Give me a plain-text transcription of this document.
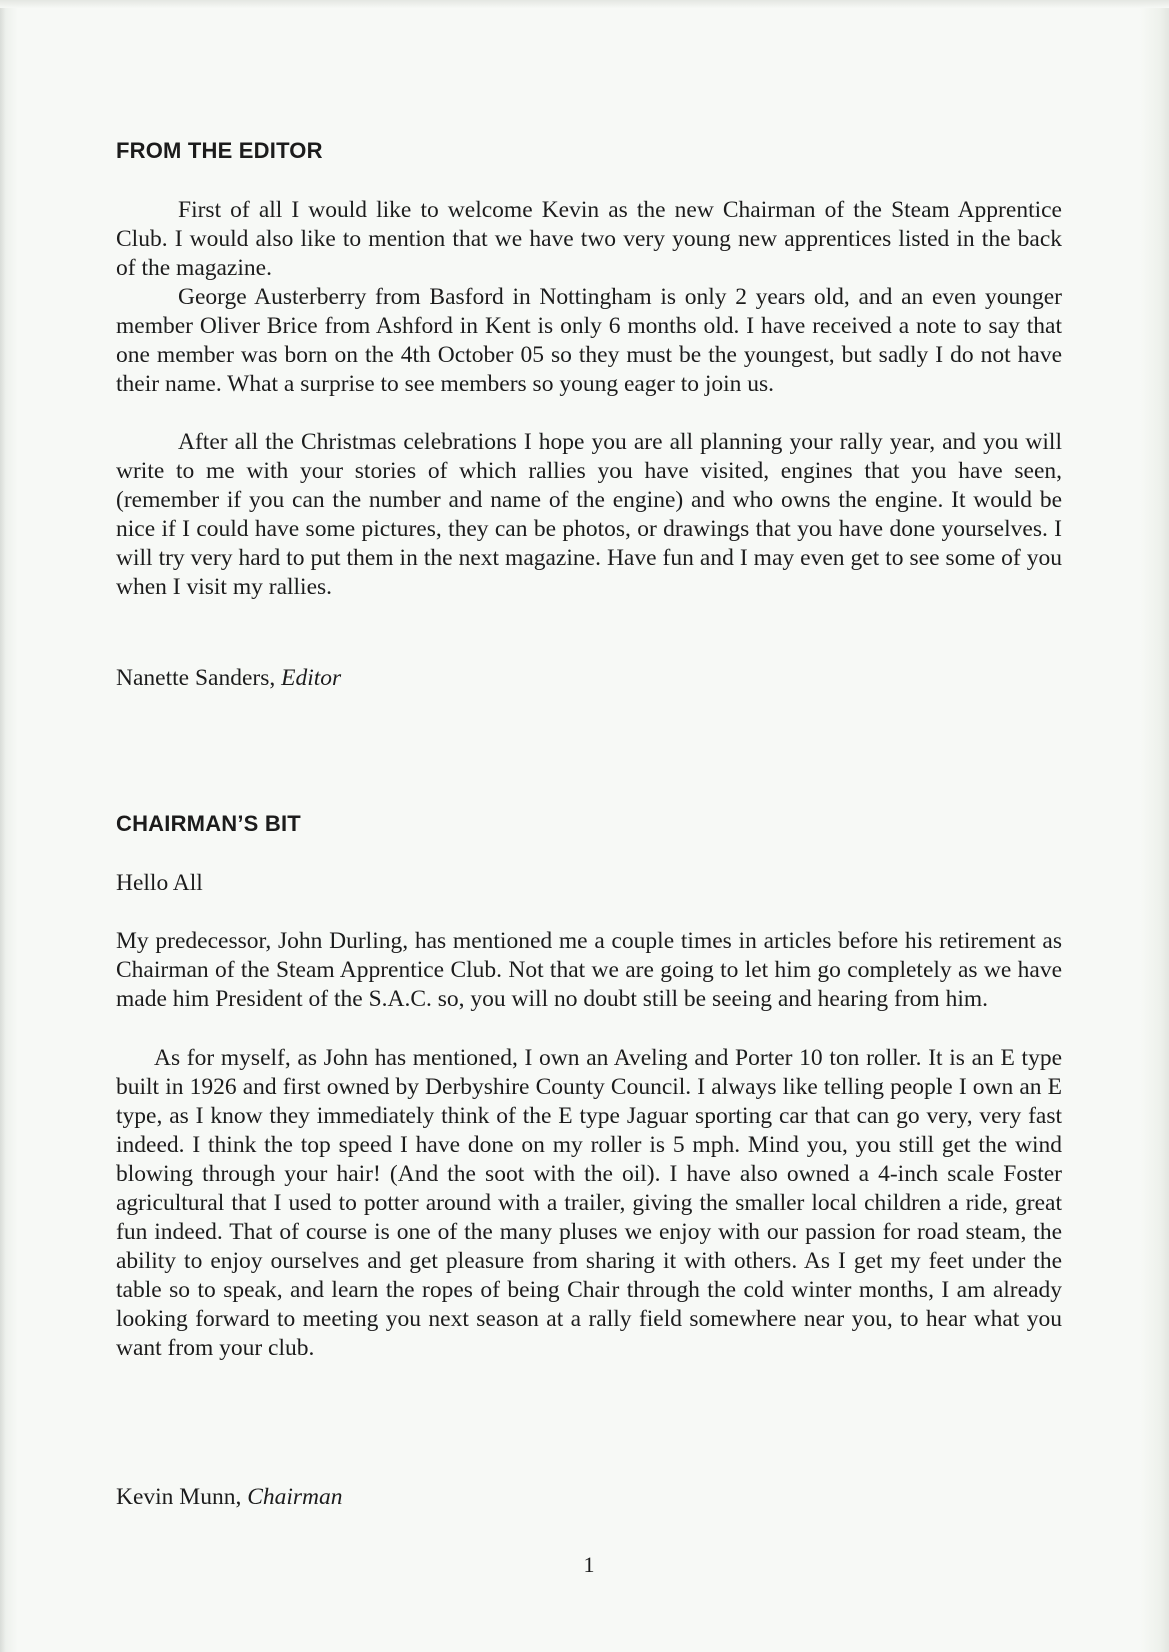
FROM THE EDITOR

First of all I would like to welcome Kevin as the new Chairman of the Steam Apprentice Club. I would also like to mention that we have two very young new apprentices listed in the back of the magazine.

George Austerberry from Basford in Nottingham is only 2 years old, and an even younger member Oliver Brice from Ashford in Kent is only 6 months old. I have received a note to say that one member was born on the 4th October 05 so they must be the youngest, but sadly I do not have their name. What a surprise to see members so young eager to join us.

After all the Christmas celebrations I hope you are all planning your rally year, and you will write to me with your stories of which rallies you have visited, engines that you have seen, (remember if you can the number and name of the engine) and who owns the engine. It would be nice if I could have some pictures, they can be photos, or drawings that you have done yourselves. I will try very hard to put them in the next magazine. Have fun and I may even get to see some of you when I visit my rallies.

Nanette Sanders, Editor

CHAIRMAN’S BIT

Hello All

My predecessor, John Durling, has mentioned me a couple times in articles before his retirement as Chairman of the Steam Apprentice Club. Not that we are going to let him go completely as we have made him President of the S.A.C. so, you will no doubt still be seeing and hearing from him.

As for myself, as John has mentioned, I own an Aveling and Porter 10 ton roller. It is an E type built in 1926 and first owned by Derbyshire County Council. I always like telling people I own an E type, as I know they immediately think of the E type Jaguar sporting car that can go very, very fast indeed. I think the top speed I have done on my roller is 5 mph. Mind you, you still get the wind blowing through your hair! (And the soot with the oil). I have also owned a 4-inch scale Foster agricultural that I used to potter around with a trailer, giving the smaller local children a ride, great fun indeed. That of course is one of the many pluses we enjoy with our passion for road steam, the ability to enjoy ourselves and get pleasure from sharing it with others. As I get my feet under the table so to speak, and learn the ropes of being Chair through the cold winter months, I am already looking forward to meeting you next season at a rally field somewhere near you, to hear what you want from your club.

Kevin Munn, Chairman

1
